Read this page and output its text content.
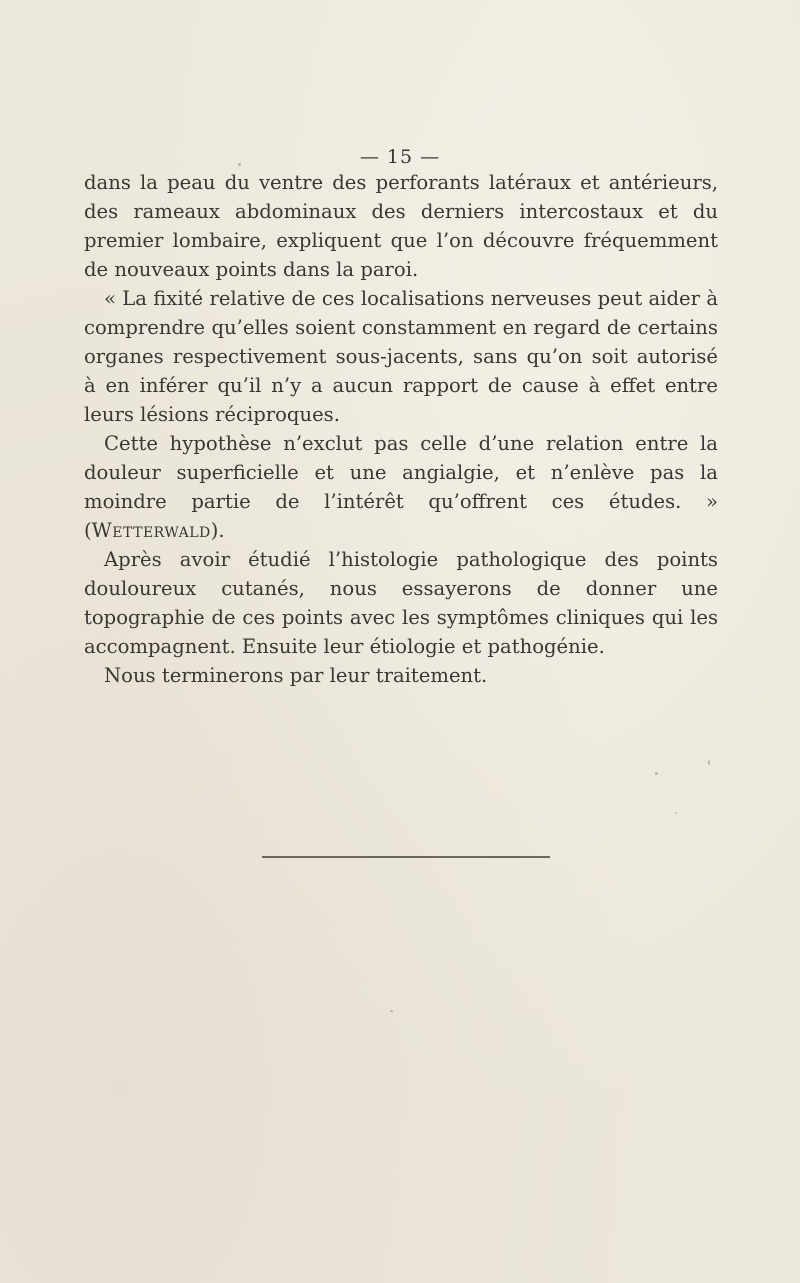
— 15 —

dans la peau du ventre des perforants latéraux et antérieurs, des rameaux abdominaux des derniers intercostaux et du premier lombaire, expliquent que l’on découvre fréquemment de nouveaux points dans la paroi.

« La fixité relative de ces localisations nerveuses peut aider à comprendre qu’elles soient constamment en regard de certains organes respectivement sous-jacents, sans qu’on soit autorisé à en inférer qu’il n’y a aucun rapport de cause à effet entre leurs lésions réciproques.

Cette hypothèse n’exclut pas celle d’une relation entre la douleur superficielle et une angialgie, et n’enlève pas la moindre partie de l’intérêt qu’offrent ces études. » (Wetterwald).

Après avoir étudié l’histologie pathologique des points douloureux cutanés, nous essayerons de donner une topographie de ces points avec les symptômes cliniques qui les accompagnent. Ensuite leur étiologie et pathogénie.

Nous terminerons par leur traitement.
